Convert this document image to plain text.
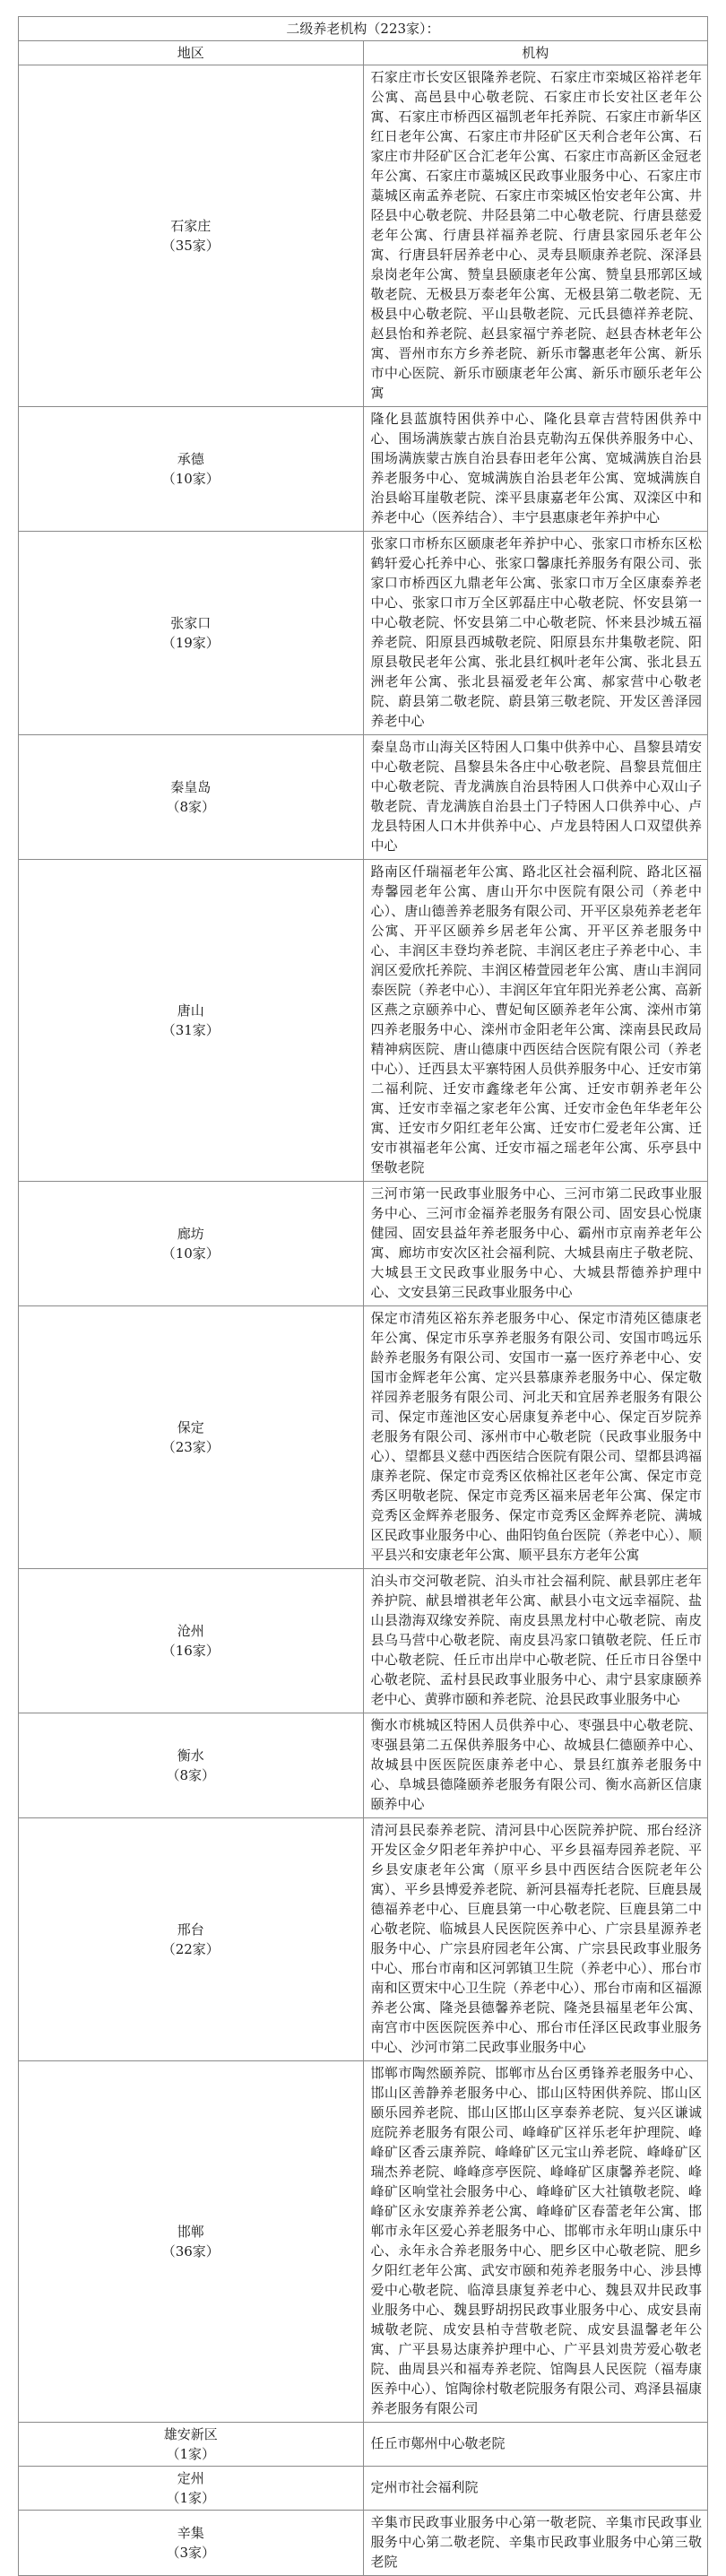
二级养老机构（223家）：	
地区	机构
石家庄
（35家）	石家庄市长安区银隆养老院、石家庄市栾城区裕祥老年公寓、高邑县中心敬老院、石家庄市长安社区老年公寓、石家庄市桥西区福凯老年托养院、石家庄市新华区红日老年公寓、石家庄市井陉矿区天利合老年公寓、石家庄市井陉矿区合汇老年公寓、石家庄市高新区金冠老年公寓、石家庄市藁城区民政事业服务中心、石家庄市藁城区南孟养老院、石家庄市栾城区怡安老年公寓、井陉县中心敬老院、井陉县第二中心敬老院、行唐县慈爱老年公寓、行唐县祥福养老院、行唐县家园乐老年公寓、行唐县轩居养老中心、灵寿县顺康养老院、深泽县泉岗老年公寓、赞皇县颐康老年公寓、赞皇县邢郭区域敬老院、无极县万泰老年公寓、无极县第二敬老院、无极县中心敬老院、平山县敬老院、元氏县德祥养老院、赵县怡和养老院、赵县家福宁养老院、赵县杏林老年公寓、晋州市东方乡养老院、新乐市馨惠老年公寓、新乐市中心医院、新乐市颐康老年公寓、新乐市颐乐老年公寓
承德
（10家）	隆化县蓝旗特困供养中心、隆化县章吉营特困供养中心、围场满族蒙古族自治县克勒沟五保供养服务中心、围场满族蒙古族自治县春田老年公寓、宽城满族自治县养老服务中心、宽城满族自治县老年公寓、宽城满族自治县峪耳崖敬老院、滦平县康嘉老年公寓、双滦区中和养老中心（医养结合）、丰宁县惠康老年养护中心
张家口
（19家）	张家口市桥东区颐康老年养护中心、张家口市桥东区松鹤轩爱心托养中心、张家口馨康托养服务有限公司、张家口市桥西区九鼎老年公寓、张家口市万全区康泰养老中心、张家口市万全区郭磊庄中心敬老院、怀安县第一中心敬老院、怀安县第二中心敬老院、怀来县沙城五福养老院、阳原县西城敬老院、阳原县东井集敬老院、阳原县敬民老年公寓、张北县红枫叶老年公寓、张北县五洲老年公寓、张北县福爱老年公寓、郝家营中心敬老院、蔚县第二敬老院、蔚县第三敬老院、开发区善泽园养老中心
秦皇岛
（8家）	秦皇岛市山海关区特困人口集中供养中心、昌黎县靖安中心敬老院、昌黎县朱各庄中心敬老院、昌黎县荒佃庄中心敬老院、青龙满族自治县特困人口供养中心双山子敬老院、青龙满族自治县土门子特困人口供养中心、卢龙县特困人口木井供养中心、卢龙县特困人口双望供养中心
唐山
（31家）	路南区仟瑞福老年公寓、路北区社会福利院、路北区福寿馨园老年公寓、唐山开尔中医院有限公司（养老中心）、唐山德善养老服务有限公司、开平区泉苑养老老年公寓、开平区颐养乡居老年公寓、开平区养老服务中心、丰润区丰登均养老院、丰润区老庄子养老中心、丰润区爱欣托养院、丰润区椿萱园老年公寓、唐山丰润同泰医院（养老中心）、丰润区年宜年阳光养老公寓、高新区燕之京颐养中心、曹妃甸区颐养老年公寓、滦州市第四养老服务中心、滦州市金阳老年公寓、滦南县民政局精神病医院、唐山德康中西医结合医院有限公司（养老中心）、迁西县太平寨特困人员供养服务中心、迁安市第二福利院、迁安市鑫缘老年公寓、迁安市朝养老年公寓、迁安市幸福之家老年公寓、迁安市金色年华老年公寓、迁安市夕阳红老年公寓、迁安市仁爱老年公寓、迁安市祺福老年公寓、迁安市福之瑶老年公寓、乐亭县中堡敬老院
廊坊
（10家）	三河市第一民政事业服务中心、三河市第二民政事业服务中心、三河市金福养老服务有限公司、固安县心悦康健园、固安县益年养老服务中心、霸州市京南养老年公寓、廊坊市安次区社会福利院、大城县南庄子敬老院、大城县王文民政事业服务中心、大城县帮德养护理中心、文安县第三民政事业服务中心
保定
（23家）	保定市清苑区裕东养老服务中心、保定市清苑区德康老年公寓、保定市乐享养老服务有限公司、安国市鸣远乐龄养老服务有限公司、安国市一嘉一医疗养老中心、安国市金辉老年公寓、定兴县慕康养老服务中心、保定敬祥园养老服务有限公司、河北天和宜居养老服务有限公司、保定市莲池区安心居康复养老中心、保定百岁院养老服务有限公司、涿州市中心敬老院（民政事业服务中心）、望都县义慈中西医结合医院有限公司、望都县鸿福康养老院、保定市竞秀区依棉社区老年公寓、保定市竞秀区明敬老院、保定市竞秀区福来居老年公寓、保定市竞秀区金辉养老服务、保定市竞秀区金辉养老院、满城区民政事业服务中心、曲阳钧鱼台医院（养老中心）、顺平县兴和安康老年公寓、顺平县东方老年公寓
沧州
（16家）	泊头市交河敬老院、泊头市社会福利院、献县郭庄老年养护院、献县增祺老年公寓、献县小屯文远幸福院、盐山县渤海双缘安养院、南皮县黑龙村中心敬老院、南皮县乌马营中心敬老院、南皮县冯家口镇敬老院、任丘市中心敬老院、任丘市出岸中心敬老院、任丘市日谷堡中心敬老院、孟村县民政事业服务中心、肃宁县家康颐养老中心、黄骅市颐和养老院、沧县民政事业服务中心
衡水
（8家）	衡水市桃城区特困人员供养中心、枣强县中心敬老院、枣强县第二五保供养服务中心、故城县仁德颐养中心、故城县中医医院医康养老中心、景县红旗养老服务中心、阜城县德隆颐养老服务有限公司、衡水高新区信康颐养中心
邢台
（22家）	清河县民泰养老院、清河县中心医院养护院、邢台经济开发区金夕阳老年养护中心、平乡县福寿园养老院、平乡县安康老年公寓（原平乡县中西医结合医院老年公寓）、平乡县博爱养老院、新河县福寿托老院、巨鹿县晟德福养老中心、巨鹿县第一中心敬老院、巨鹿县第二中心敬老院、临城县人民医院医养中心、广宗县星源养老服务中心、广宗县府园老年公寓、广宗县民政事业服务中心、邢台市南和区河郭镇卫生院（养老中心）、邢台市南和区贾宋中心卫生院（养老中心）、邢台市南和区福源养老公寓、隆尧县德馨养老院、隆尧县福星老年公寓、南宫市中医医院医养中心、邢台市任泽区民政事业服务中心、沙河市第二民政事业服务中心
邯郸
（36家）	邯郸市陶然颐养院、邯郸市丛台区勇锋养老服务中心、邯山区善静养老服务中心、邯山区特困供养院、邯山区颐乐园养老院、邯山区邯山区享泰养老院、复兴区谦诚庭院养老服务有限公司、峰峰矿区祥乐老年护理院、峰峰矿区香云康养院、峰峰矿区元宝山养老院、峰峰矿区瑞杰养老院、峰峰彦亭医院、峰峰矿区康馨养老院、峰峰矿区响堂社会服务中心、峰峰矿区大社镇敬老院、峰峰矿区永安康养养老公寓、峰峰矿区春蕾老年公寓、邯郸市永年区爱心养老服务中心、邯郸市永年明山康乐中心、永年永合养老服务中心、肥乡区中心敬老院、肥乡夕阳红老年公寓、武安市颐和苑养老服务中心、涉县博爱中心敬老院、临漳县康复养老中心、魏县双井民政事业服务中心、魏县野胡拐民政事业服务中心、成安县南城敬老院、成安县柏寺营敬老院、成安县温馨老年公寓、广平县易达康养护理中心、广平县刘贵芳爱心敬老院、曲周县兴和福寿养老院、馆陶县人民医院（福寿康医养中心）、馆陶徐村敬老院服务有限公司、鸡泽县福康养老服务有限公司
雄安新区
（1家）	任丘市鄚州中心敬老院
定州
（1家）	定州市社会福利院
辛集
（3家）	辛集市民政事业服务中心第一敬老院、辛集市民政事业服务中心第二敬老院、辛集市民政事业服务中心第三敬老院
